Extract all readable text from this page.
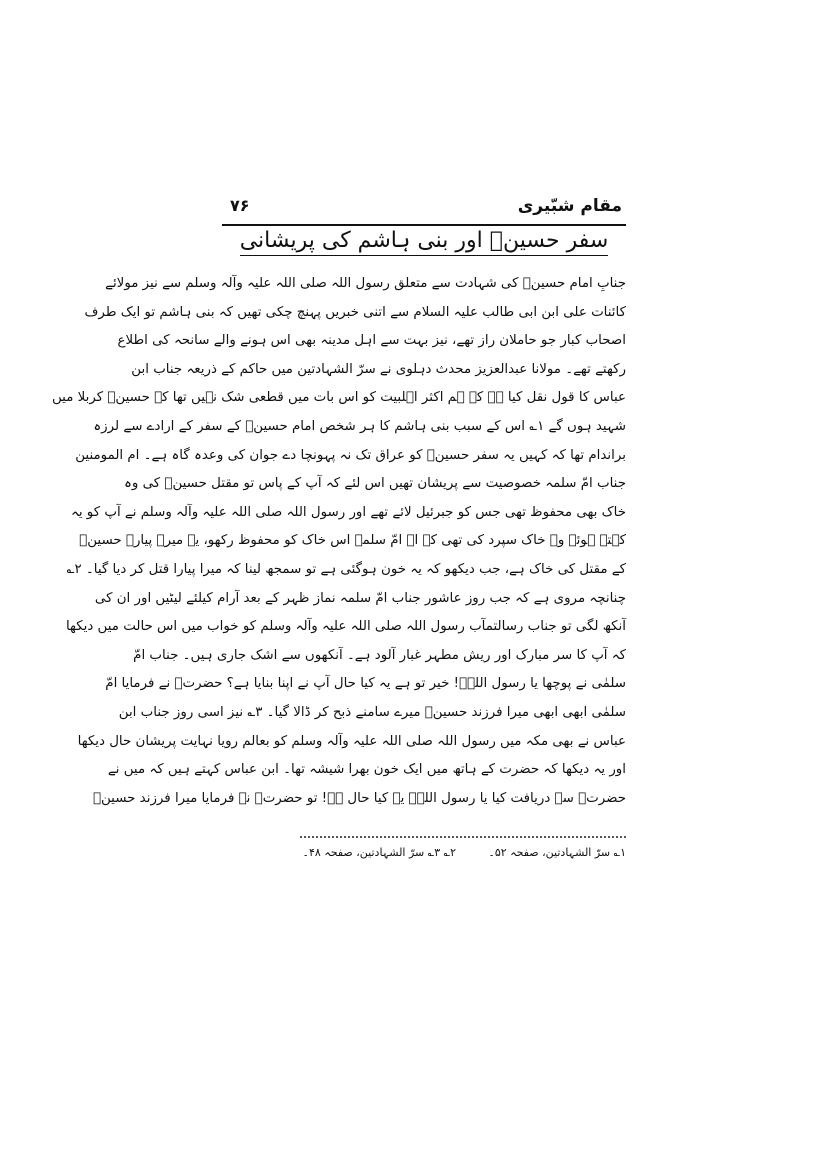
مقام شبّیری
۷۶
سفر حسینؑ اور بنی ہاشم کی پریشانی
جنابِ امام حسینؑ کی شہادت سے متعلق رسول اللہ صلی اللہ علیہ وآلہ وسلم سے نیز مولائے
کائنات علی ابن ابی طالب علیہ السلام سے اتنی خبریں پہنچ چکی تھیں کہ بنی ہاشم تو ایک طرف
اصحاب کبار جو حاملان راز تھے، نیز بہت سے اہل مدینہ بھی اس ہونے والے سانحہ کی اطلاع
رکھتے تھے۔ مولانا عبدالعزیز محدث دہلوی نے سرّ الشہادتین میں حاکم کے ذریعہ جناب ابن
عباس کا قول نقل کیا ہے کہ ہم اکثر اہلبیت کو اس بات میں قطعی شک نہیں تھا کہ حسینؑ کربلا میں
شہید ہوں گے ۱؎ اس کے سبب بنی ہاشم کا ہر شخص امام حسینؑ کے سفر کے ارادے سے لرزہ
براندام تھا کہ کہیں یہ سفر حسینؑ کو عراق تک نہ پہونچا دے جوان کی وعدہ گاہ ہے۔ ام المومنین
جناب امّ سلمہ خصوصیت سے پریشان تھیں اس لئے کہ آپ کے پاس تو مقتل حسینؑ کی وہ
خاک بھی محفوظ تھی جس کو جبرئیل لائے تھے اور رسول اللہ صلی اللہ علیہ وآلہ وسلم نے آپ کو یہ
کہتے ہوئے وہ خاک سپرد کی تھی کہ اے امّ سلمہ اس خاک کو محفوظ رکھو، یہ میرے پیارے حسینؑ
کے مقتل کی خاک ہے، جب دیکھو کہ یہ خون ہوگئی ہے تو سمجھ لینا کہ میرا پیارا قتل کر دیا گیا۔ ۲؎
چنانچہ مروی ہے کہ جب روز عاشور جناب امّ سلمہ نماز ظہر کے بعد آرام کیلئے لیٹیں اور ان کی
آنکھ لگی تو جناب رسالتمآب رسول اللہ صلی اللہ علیہ وآلہ وسلم کو خواب میں اس حالت میں دیکھا
کہ آپ کا سر مبارک اور ریش مطہر غبار آلود ہے۔ آنکھوں سے اشک جاری ہیں۔ جناب امّ
سلمٰی نے پوچھا یا رسول اللہؐ! خیر تو ہے یہ کیا حال آپ نے اپنا بنایا ہے؟ حضرتؐ نے فرمایا امّ
سلمٰی ابھی ابھی میرا فرزند حسینؑ میرے سامنے ذبح کر ڈالا گیا۔ ۳؎ نیز اسی روز جناب ابن
عباس نے بھی مکہ میں رسول اللہ صلی اللہ علیہ وآلہ وسلم کو بعالم رویا نہایت پریشان حال دیکھا
اور یہ دیکھا کہ حضرت کے ہاتھ میں ایک خون بھرا شیشہ تھا۔ ابن عباس کہتے ہیں کہ میں نے
حضرتؐ سے دریافت کیا یا رسول اللہؐ یہ کیا حال ہے! تو حضرتؐ نے فرمایا میرا فرزند حسینؑ
۱؎ سرّ الشہادتین، صفحہ ۵۲۔
۲؎ ۳؎ سرّ الشہادتین، صفحہ ۴۸۔
